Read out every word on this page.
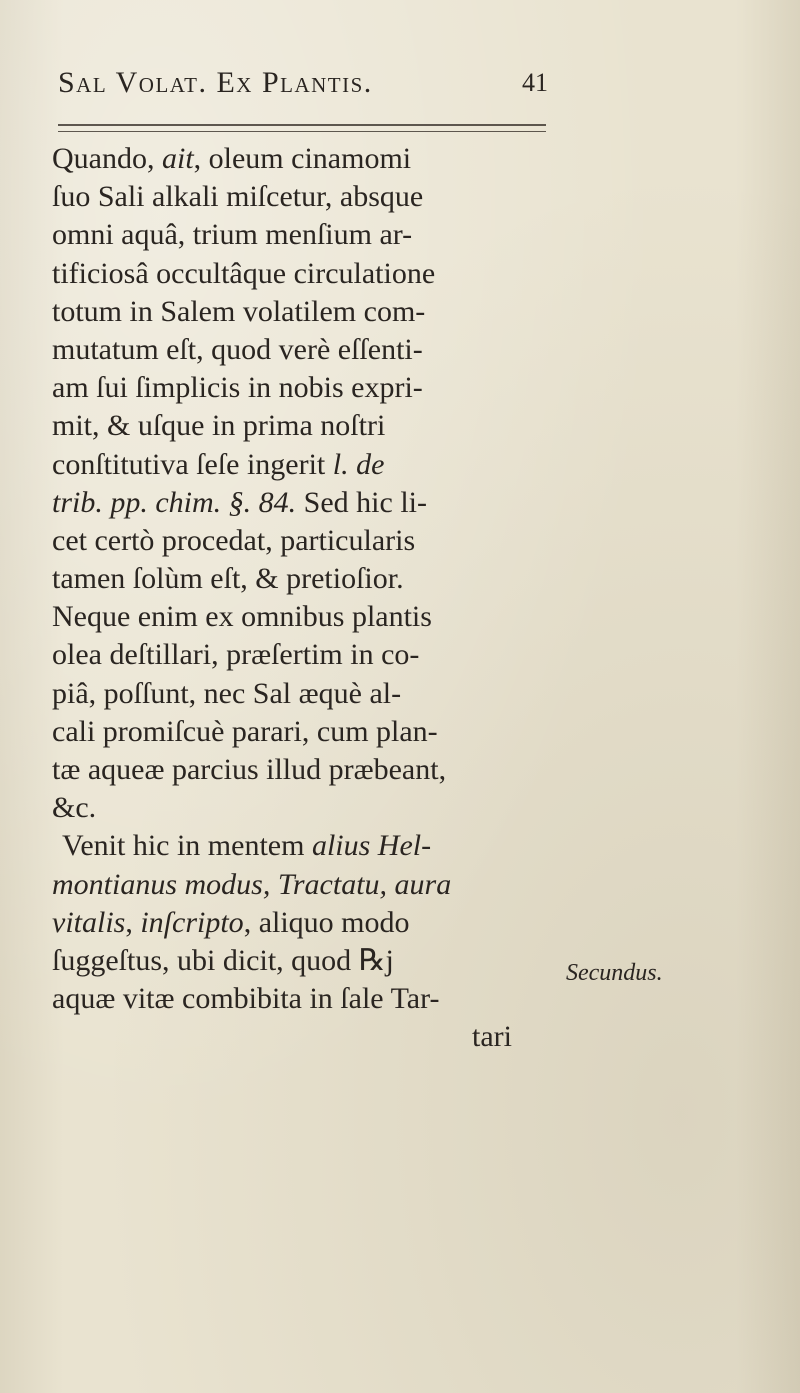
Sal Volat. Ex Plantis.	41
Quando, ait, oleum cinamomi
ſuo Sali alkali miſcetur, absque
omni aquâ, trium menſium ar-
tificiosâ occultâque circulatione
totum in Salem volatilem com-
mutatum eſt, quod verè eſſenti-
am ſui ſimplicis in nobis expri-
mit, & uſque in prima noſtri
conſtitutiva ſeſe ingerit l. de
trib. pp. chim. §. 84. Sed hic li-
cet certò procedat, particularis
tamen ſolùm eſt, & pretioſior.
Neque enim ex omnibus plantis
olea deſtillari, præſertim in co-
piâ, poſſunt, nec Sal æquè al-
cali promiſcuè parari, cum plan-
tæ aqueæ parcius illud præbeant,
&c.
Venit hic in mentem alius Hel-
montianus modus, Tractatu, aura
vitalis, inſcripto, aliquo modo
ſuggeſtus, ubi dicit, quod ℞j
aquæ vitæ combibita in ſale Tar-
tari
Secundus.
